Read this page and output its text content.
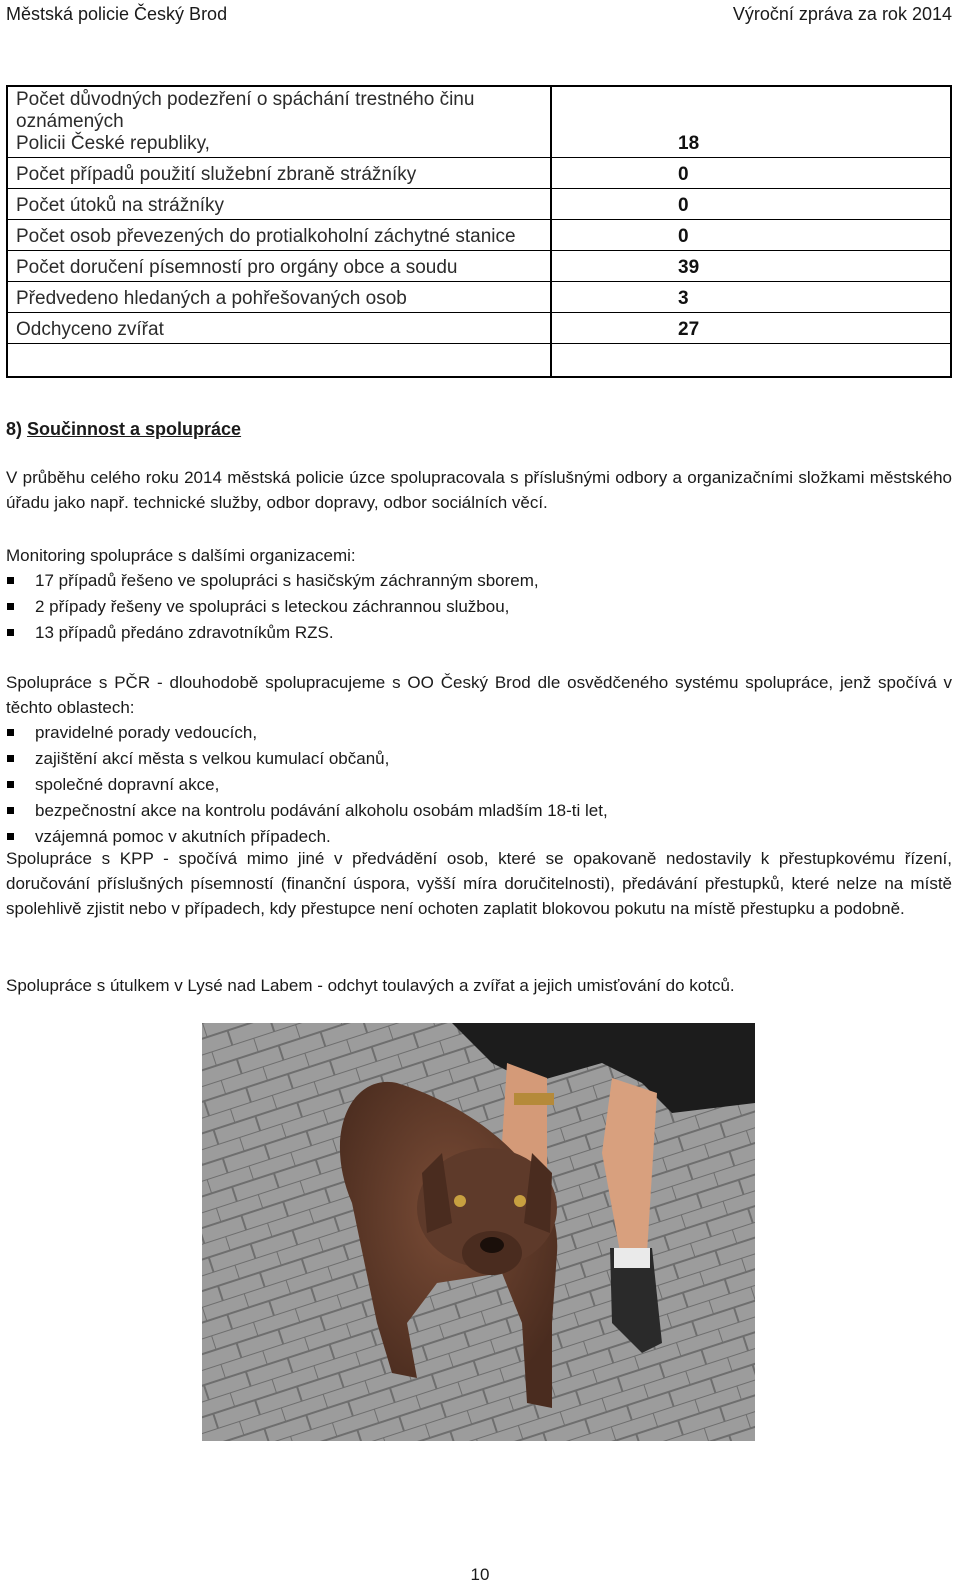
Městská policie Český Brod	Výroční zpráva za rok 2014
Počet důvodných podezření o spáchání trestného činu oznámených
Policii České republiky,	18
Počet případů použití služební zbraně strážníky	0
Počet útoků na strážníky	0
Počet osob převezených do protialkoholní záchytné stanice	0
Počet doručení písemností pro orgány obce a soudu	39
Předvedeno hledaných a pohřešovaných osob	3
Odchyceno zvířat	27

8) Součinnost a spolupráce
V průběhu celého roku 2014 městská policie úzce spolupracovala s příslušnými odbory a organizačními složkami městského úřadu jako např. technické služby, odbor dopravy, odbor sociálních věcí.
Monitoring spolupráce s dalšími organizacemi:
17 případů řešeno ve spolupráci s hasičským záchranným sborem,
2 případy řešeny ve spolupráci s leteckou záchrannou službou,
13 případů předáno zdravotníkům RZS.
Spolupráce s PČR - dlouhodobě spolupracujeme s OO Český Brod dle osvědčeného systému spolupráce, jenž spočívá v těchto oblastech:
pravidelné porady vedoucích,
zajištění akcí města s velkou kumulací občanů,
společné dopravní akce,
bezpečnostní akce na kontrolu podávání alkoholu osobám mladším 18-ti let,
vzájemná pomoc v akutních případech.
Spolupráce s KPP - spočívá mimo jiné v předvádění osob, které se opakovaně nedostavily k přestupkovému řízení, doručování příslušných písemností (finanční úspora, vyšší míra doručitelnosti), předávání přestupků, které nelze na místě spolehlivě zjistit nebo v případech, kdy přestupce není ochoten zaplatit blokovou pokutu na místě přestupku a podobně.
Spolupráce s útulkem v Lysé nad Labem - odchyt toulavých a zvířat a jejich umisťování do kotců.
10
